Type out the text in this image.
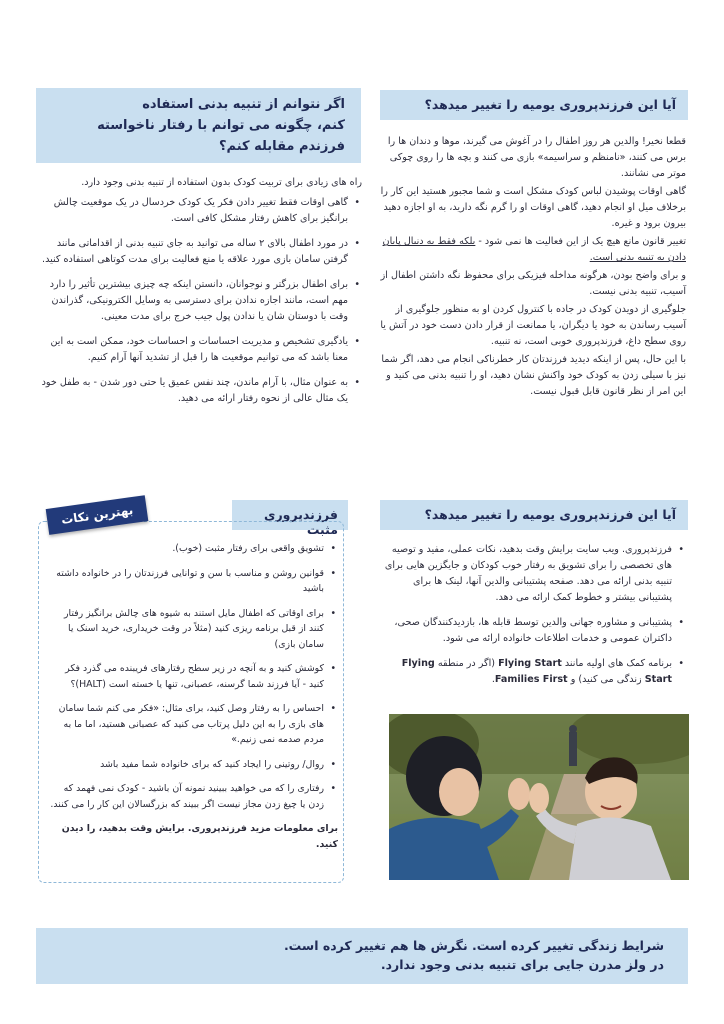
آیا این فرزندپروری یومیه را تغییر میدهد؟

قطعا نخیر! والدین هر روز اطفال را در آغوش می گیرند، موها و دندان ها را برس می کنند، «نامنظم و سراسیمه» بازی می کنند و بچه ها را روی چوکی موتر می نشانند.

گاهی اوقات پوشیدن لباس کودک مشکل است و شما مجبور هستید این کار را برخلاف میل او انجام دهید، گاهی اوقات او را گرم نگه دارید، به او اجازه دهید بیرون برود و غیره.

تغییر قانون مانع هیچ یک از این فعالیت ها نمی شود - بلکه فقط به دنبال پایان دادن به تنبیه بدنی است.

و برای واضح بودن، هرگونه مداخله فیزیکی برای محفوظ نگه داشتن اطفال از آسیب، تنبیه بدنی نیست.

جلوگیری از دویدن کودک در جاده با کنترول کردن او به منظور جلوگیری از آسیب رساندن به خود یا دیگران، یا ممانعت از قرار دادن دست خود در آتش یا روی سطح داغ، فرزندپروری خوبی است، نه تنبیه.

با این حال، پس از اینکه دیدید فرزندتان کار خطرناکی انجام می دهد، اگر شما نیز با سیلی زدن به کودک خود واکنش نشان دهید، او را تنبیه بدنی می کنید و این امر از نظر قانون قابل قبول نیست.

اگر نتوانم از تنبیه بدنی استفاده
کنم، چگونه می توانم با رفتار ناخواسته
فرزندم مقابله کنم؟

راه های زیادی برای تربیت کودک بدون استفاده از تنبیه بدنی وجود دارد.

• گاهی اوقات فقط تغییر دادن فکر یک کودک خردسال در یک موقعیت چالش برانگیز برای کاهش رفتار مشکل کافی است.
• در مورد اطفال بالای ۲ ساله می توانید به جای تنبیه بدنی از اقداماتی مانند گرفتن سامان بازی مورد علاقه یا منع فعالیت برای مدت کوتاهی استفاده کنید.
• برای اطفال بزرگتر و نوجوانان، دانستن اینکه چه چیزی بیشترین تأثیر را دارد مهم است، مانند اجازه ندادن برای دسترسی به وسایل الکترونیکی، گذراندن وقت با دوستان شان یا ندادن پول جیب خرج برای مدت معینی.
• یادگیری تشخیص و مدیریت احساسات و احساسات خود، ممکن است به این معنا باشد که می توانیم موقعیت ها را قبل از تشدید آنها آرام کنیم.
• به عنوان مثال، با آرام ماندن، چند نفس عمیق یا حتی دور شدن - به طفل خود یک مثال عالی از نحوه رفتار ارائه می دهید.
آیا این فرزندپروری یومیه را تغییر میدهد؟
• فرزندپروری. ویب سایت برایش وقت بدهید، نکات عملی، مفید و توصیه های تخصصی را برای تشویق به رفتار خوب کودکان و جایگزین هایی برای تنبیه بدنی ارائه می دهد. صفحه پشتیبانی والدین آنها، لینک ها برای پشتیبانی بیشتر و خطوط کمک ارائه می دهد.
• پشتیبانی و مشاوره جهانی والدین توسط قابله ها، بازدیدکنندگان صحی، داکتران عمومی و خدمات اطلاعات خانواده ارائه می شود.
• برنامه کمک های اولیه مانند Flying Start (اگر در منطقه Flying Start زندگی می کنید) و Families First.
فرزندپروری مثبت
بهترین نکات
• تشویق واقعی برای رفتار مثبت (خوب).
• قوانین روشن و مناسب با سن و توانایی فرزندتان را در خانواده داشته باشید
• برای اوقاتی که اطفال مایل استند به شیوه های چالش برانگیز رفتار کنند از قبل برنامه ریزی کنید (مثلاً در وقت خریداری، خرید اسنک یا سامان بازی)
• کوشش کنید و به آنچه در زیر سطح رفتارهای فریبنده می گذرد فکر کنید - آیا فرزند شما گرسنه، عصبانی، تنها یا خسته است (HALT)؟
• احساس را به رفتار وصل کنید، برای مثال: «فکر می کنم شما سامان های بازی را به این دلیل پرتاب می کنید که عصبانی هستید، اما ما به مردم صدمه نمی زنیم.»
• روال/ روتینی را ایجاد کنید که برای خانواده شما مفید باشد
• رفتاری را که می خواهید ببینید نمونه آن باشید - کودک نمی فهمد که زدن یا چیغ زدن مجاز نیست اگر ببیند که بزرگسالان این کار را می کنند.

برای معلومات مزید فرزندپروری. برایش وقت بدهید، را دیدن کنید.

شرایط زندگی تغییر کرده است. نگرش ها هم تغییر کرده است.
در ولز مدرن جایی برای تنبیه بدنی وجود ندارد.
